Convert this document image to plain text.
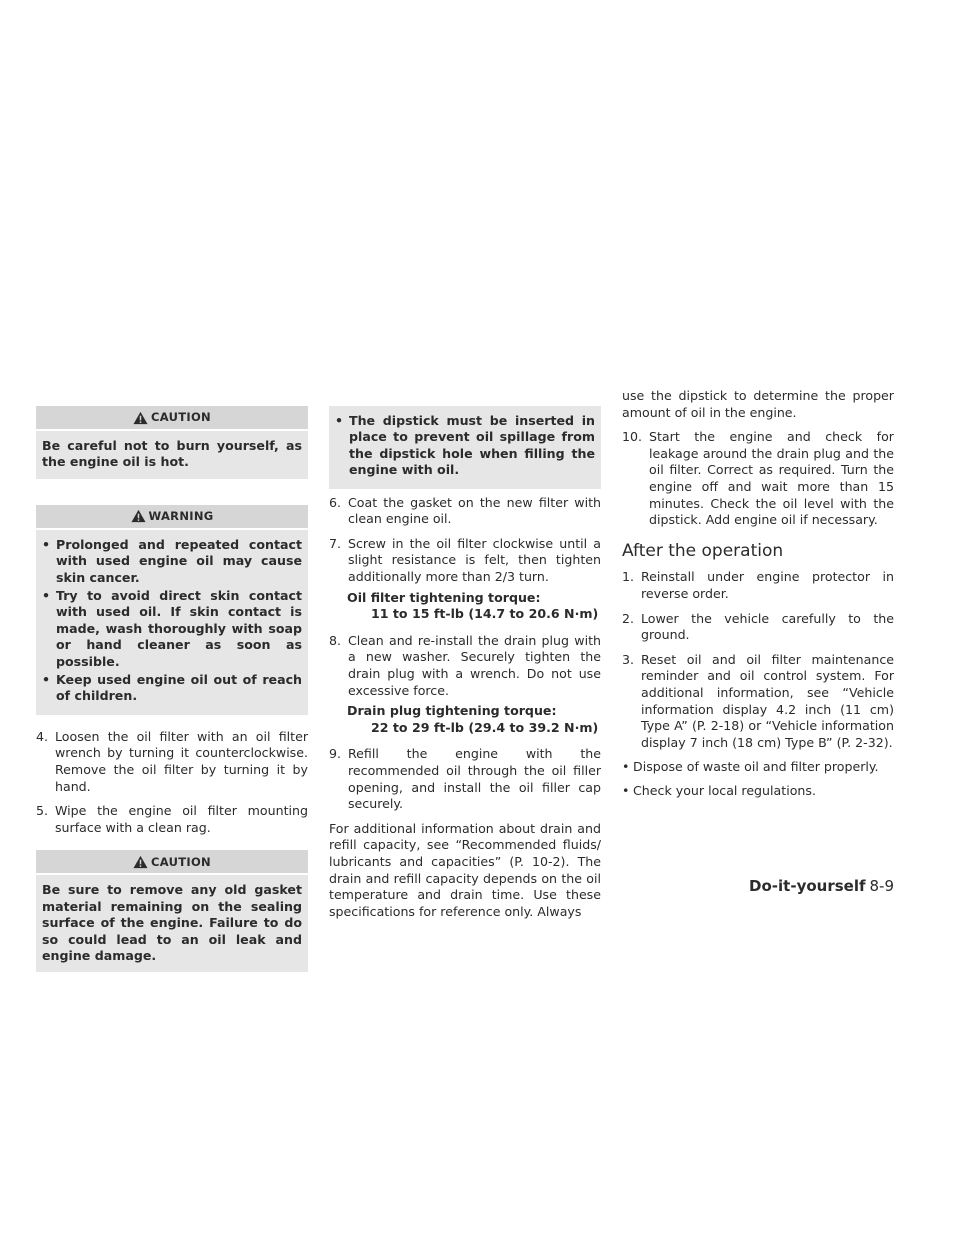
CAUTION
Be careful not to burn yourself, as the engine oil is hot.
WARNING
• Prolonged and repeated contact with used engine oil may cause skin cancer.
• Try to avoid direct skin contact with used oil. If skin contact is made, wash thoroughly with soap or hand cleaner as soon as possible.
• Keep used engine oil out of reach of children.
4. Loosen the oil filter with an oil filter wrench by turning it counterclockwise. Remove the oil filter by turning it by hand.
5. Wipe the engine oil filter mounting surface with a clean rag.
CAUTION
Be sure to remove any old gasket material remaining on the sealing surface of the engine. Failure to do so could lead to an oil leak and engine damage.
• The dipstick must be inserted in place to prevent oil spillage from the dipstick hole when filling the engine with oil.
6. Coat the gasket on the new filter with clean engine oil.
7. Screw in the oil filter clockwise until a slight resistance is felt, then tighten additionally more than 2/3 turn.
Oil filter tightening torque:
11 to 15 ft-lb (14.7 to 20.6 N·m)
8. Clean and re-install the drain plug with a new washer. Securely tighten the drain plug with a wrench. Do not use excessive force.
Drain plug tightening torque:
22 to 29 ft-lb (29.4 to 39.2 N·m)
9. Refill the engine with the recommended oil through the oil filler opening, and install the oil filler cap securely.

For additional information about drain and refill capacity, see “Recommended fluids/ lubricants and capacities” (P. 10-2). The drain and refill capacity depends on the oil temperature and drain time. Use these specifications for reference only. Always

use the dipstick to determine the proper amount of oil in the engine.

10. Start the engine and check for leakage around the drain plug and the oil filter. Correct as required. Turn the engine off and wait more than 15 minutes. Check the oil level with the dipstick. Add engine oil if necessary.
After the operation
1. Reinstall under engine protector in reverse order.
2. Lower the vehicle carefully to the ground.
3. Reset oil and oil filter maintenance reminder and oil control system. For additional information, see “Vehicle information display 4.2 inch (11 cm) Type A” (P. 2-18) or “Vehicle information display 7 inch (18 cm) Type B” (P. 2-32).
• Dispose of waste oil and filter properly.
• Check your local regulations.
Do-it-yourself 8-9
